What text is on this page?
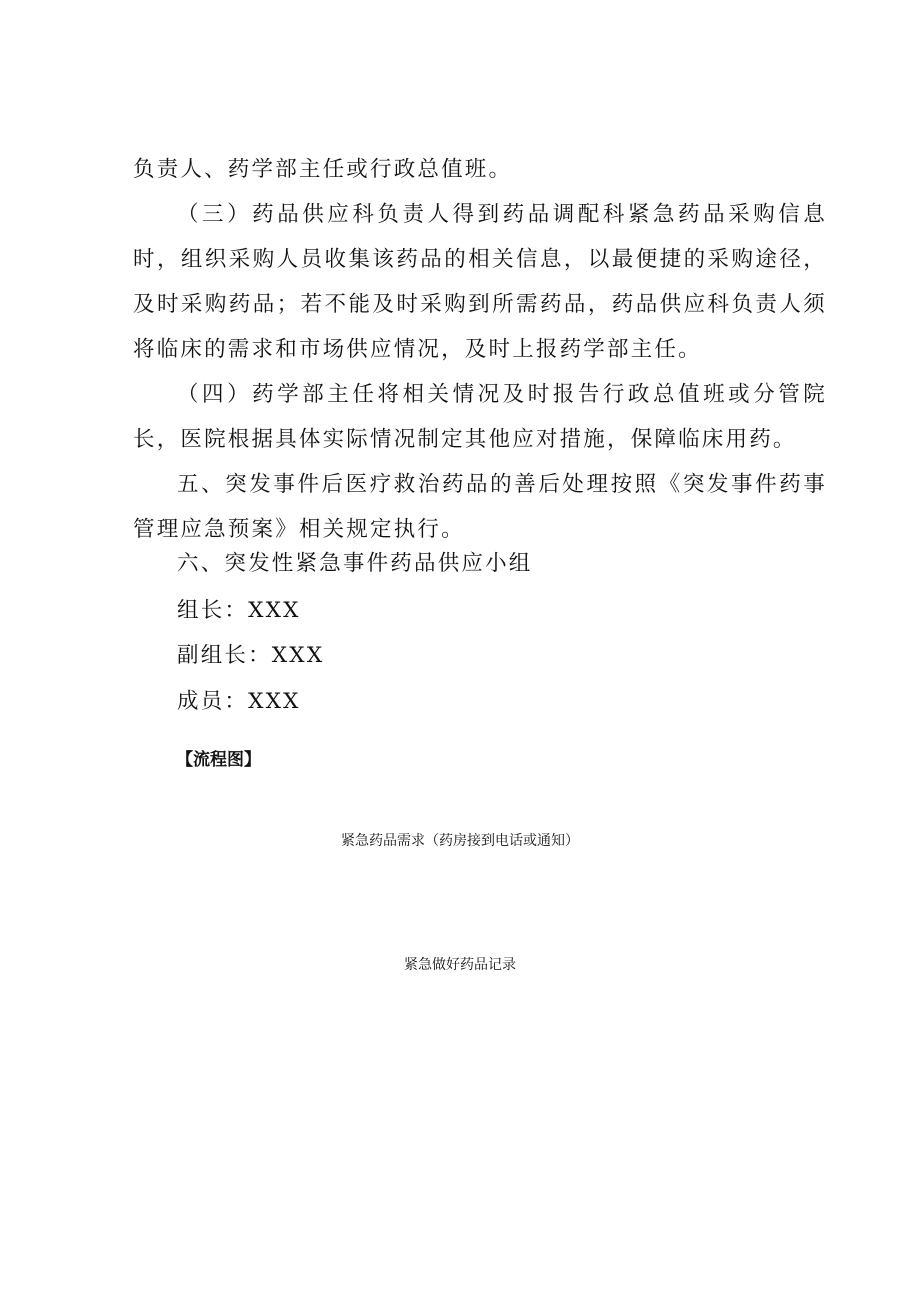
负责人、药学部主任或行政总值班。

（三）药品供应科负责人得到药品调配科紧急药品采购信息时，组织采购人员收集该药品的相关信息，以最便捷的采购途径，及时采购药品；若不能及时采购到所需药品，药品供应科负责人须将临床的需求和市场供应情况，及时上报药学部主任。

（四）药学部主任将相关情况及时报告行政总值班或分管院长，医院根据具体实际情况制定其他应对措施，保障临床用药。

五、突发事件后医疗救治药品的善后处理按照《突发事件药事管理应急预案》相关规定执行。

六、突发性紧急事件药品供应小组

组长：XXX

副组长：XXX

成员：XXX

【流程图】

紧急药品需求（药房接到电话或通知）

紧急做好药品记录
